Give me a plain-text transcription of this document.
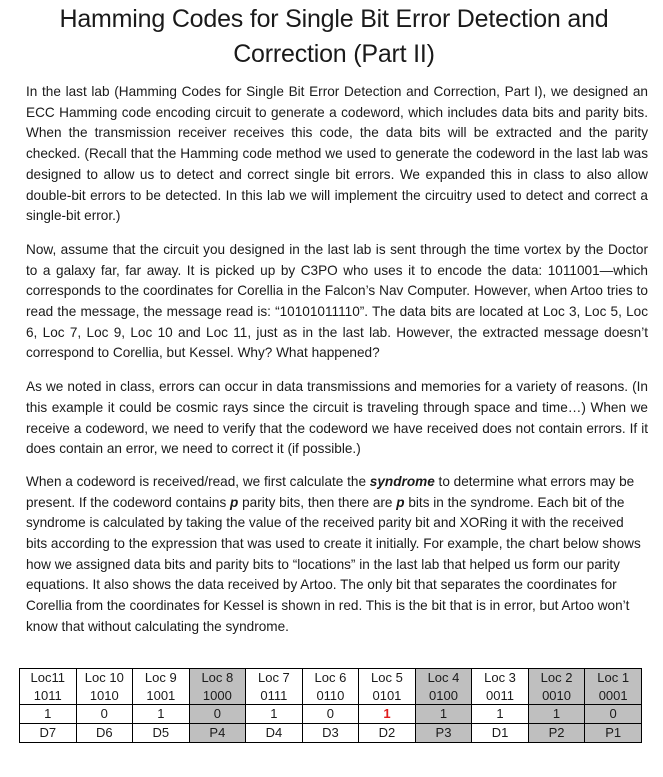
Hamming Codes for Single Bit Error Detection and
Correction (Part II)

In the last lab (Hamming Codes for Single Bit Error Detection and Correction, Part I), we designed an ECC Hamming code encoding circuit to generate a codeword, which includes data bits and parity bits. When the transmission receiver receives this code, the data bits will be extracted and the parity checked. (Recall that the Hamming code method we used to generate the codeword in the last lab was designed to allow us to detect and correct single bit errors. We expanded this in class to also allow double-bit errors to be detected. In this lab we will implement the circuitry used to detect and correct a single-bit error.)

Now, assume that the circuit you designed in the last lab is sent through the time vortex by the Doctor to a galaxy far, far away. It is picked up by C3PO who uses it to encode the data: 1011001—which corresponds to the coordinates for Corellia in the Falcon’s Nav Computer. However, when Artoo tries to read the message, the message read is: “10101011110”. The data bits are located at Loc 3, Loc 5, Loc 6, Loc 7, Loc 9, Loc 10 and Loc 11, just as in the last lab. However, the extracted message doesn’t correspond to Corellia, but Kessel. Why? What happened?

As we noted in class, errors can occur in data transmissions and memories for a variety of reasons. (In this example it could be cosmic rays since the circuit is traveling through space and time…) When we receive a codeword, we need to verify that the codeword we have received does not contain errors. If it does contain an error, we need to correct it (if possible.)

When a codeword is received/read, we first calculate the syndrome to determine what errors may be present. If the codeword contains p parity bits, then there are p bits in the syndrome. Each bit of the syndrome is calculated by taking the value of the received parity bit and XORing it with the received bits according to the expression that was used to create it initially. For example, the chart below shows how we assigned data bits and parity bits to “locations” in the last lab that helped us form our parity equations. It also shows the data received by Artoo. The only bit that separates the coordinates for Corellia from the coordinates for Kessel is shown in red. This is the bit that is in error, but Artoo won’t know that without calculating the syndrome.

Loc11	Loc 10	Loc 9	Loc 8	Loc 7	Loc 6	Loc 5	Loc 4	Loc 3	Loc 2	Loc 1
1011	1010	1001	1000	0111	0110	0101	0100	0011	0010	0001
1	0	1	0	1	0	1	1	1	1	0
D7	D6	D5	P4	D4	D3	D2	P3	D1	P2	P1
